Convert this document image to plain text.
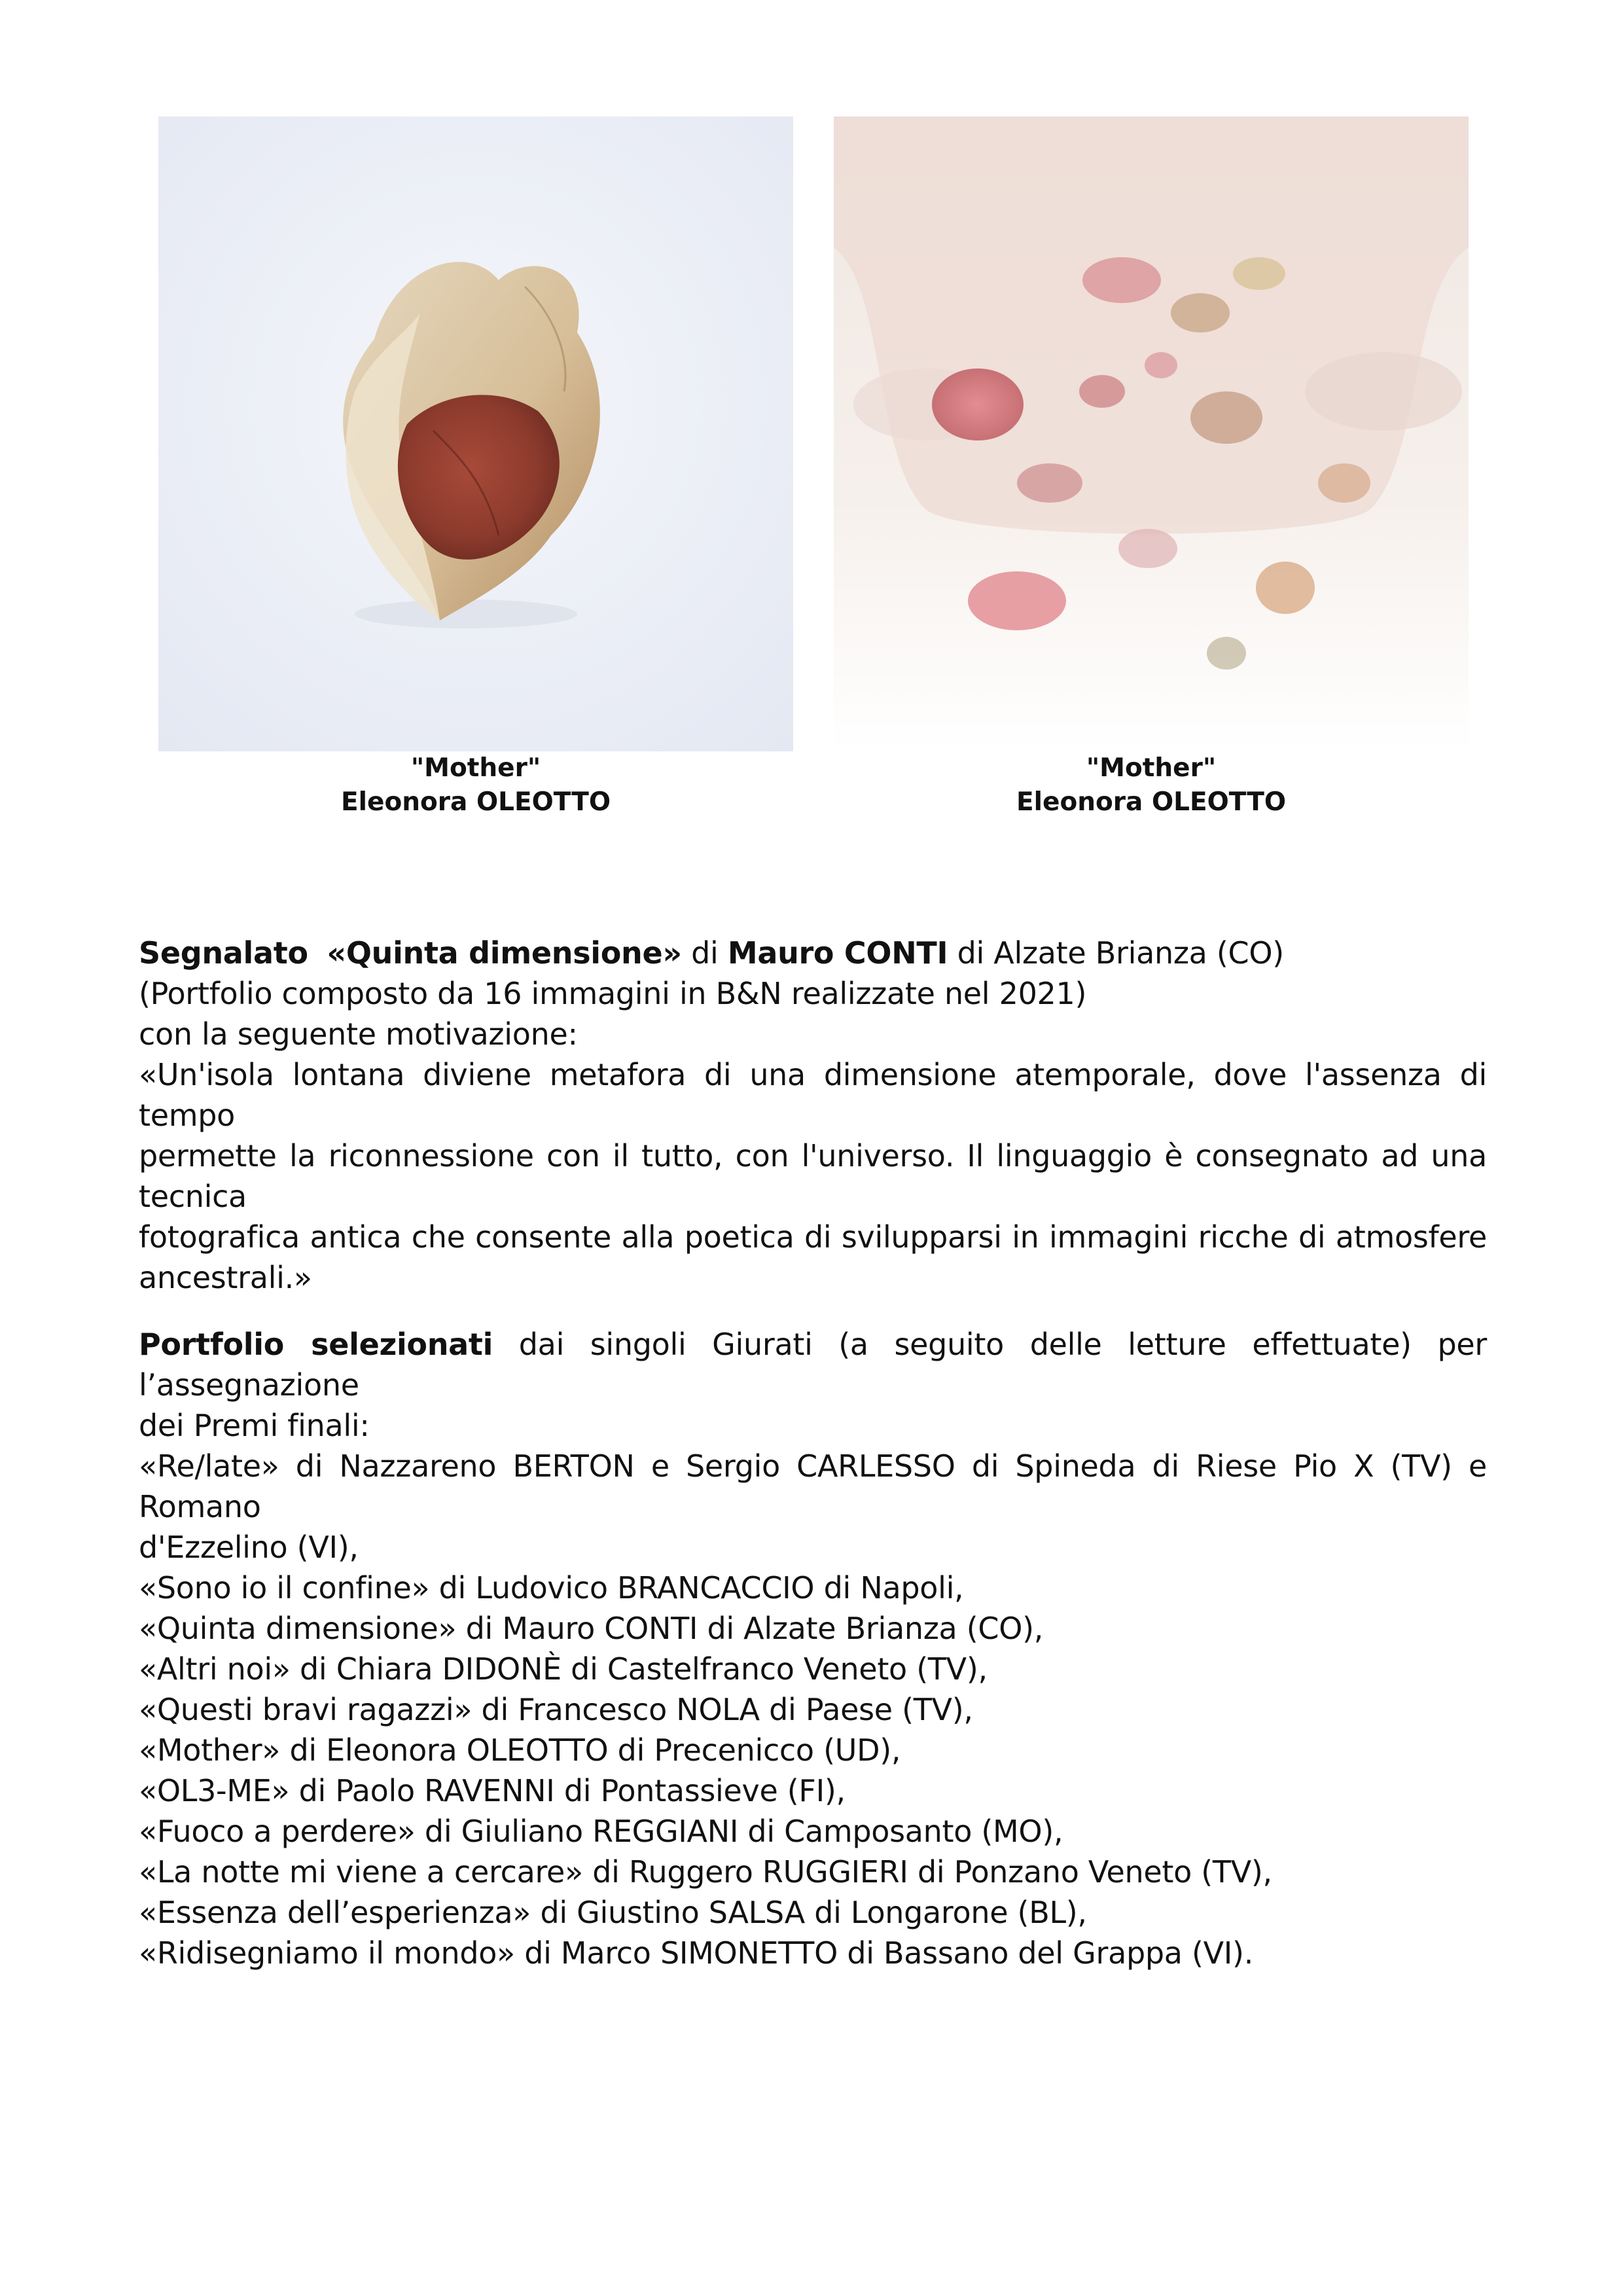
"Mother"
Eleonora OLEOTTO
"Mother"
Eleonora OLEOTTO
Segnalato «Quinta dimensione» di Mauro CONTI di Alzate Brianza (CO)
(Portfolio composto da 16 immagini in B&N realizzate nel 2021)
con la seguente motivazione:
«Un'isola lontana diviene metafora di una dimensione atemporale, dove l'assenza di tempo
permette la riconnessione con il tutto, con l'universo. Il linguaggio è consegnato ad una tecnica
fotografica antica che consente alla poetica di svilupparsi in immagini ricche di atmosfere
ancestrali.»
Portfolio selezionati dai singoli Giurati (a seguito delle letture effettuate) per l’assegnazione
dei Premi finali:
«Re/late» di Nazzareno BERTON e Sergio CARLESSO di Spineda di Riese Pio X (TV) e Romano
d'Ezzelino (VI),
«Sono io il confine» di Ludovico BRANCACCIO di Napoli,
«Quinta dimensione» di Mauro CONTI di Alzate Brianza (CO),
«Altri noi» di Chiara DIDONÈ di Castelfranco Veneto (TV),
«Questi bravi ragazzi» di Francesco NOLA di Paese (TV),
«Mother» di Eleonora OLEOTTO di Precenicco (UD),
«OL3-ME» di Paolo RAVENNI di Pontassieve (FI),
«Fuoco a perdere» di Giuliano REGGIANI di Camposanto (MO),
«La notte mi viene a cercare» di Ruggero RUGGIERI di Ponzano Veneto (TV),
«Essenza dell’esperienza» di Giustino SALSA di Longarone (BL),
«Ridisegniamo il mondo» di Marco SIMONETTO di Bassano del Grappa (VI).
